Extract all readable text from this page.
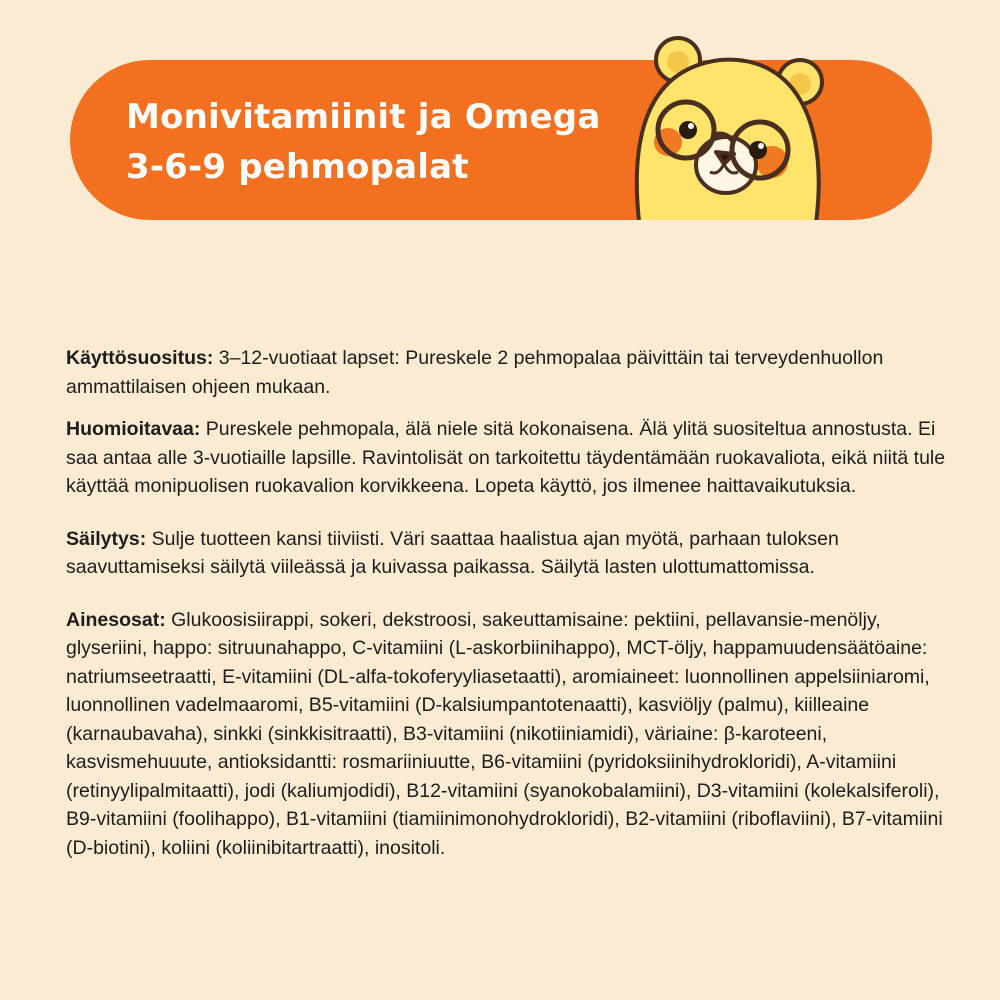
Monivitamiinit ja Omega
3-6-9 pehmopalat

Käyttösuositus: 3–12-vuotiaat lapset: Pureskele 2 pehmopalaa päivittäin tai terveydenhuollon ammattilaisen ohjeen mukaan.

Huomioitavaa: Pureskele pehmopala, älä niele sitä kokonaisena. Älä ylitä suositeltua annostusta. Ei saa antaa alle 3-vuotiaille lapsille. Ravintolisät on tarkoitettu täydentämään ruokavaliota, eikä niitä tule käyttää monipuolisen ruokavalion korvikkeena. Lopeta käyttö, jos ilmenee haittavaikutuksia.

Säilytys: Sulje tuotteen kansi tiiviisti. Väri saattaa haalistua ajan myötä, parhaan tuloksen saavuttamiseksi säilytä viileässä ja kuivassa paikassa. Säilytä lasten ulottumattomissa.

Ainesosat: Glukoosisiirappi, sokeri, dekstroosi, sakeuttamisaine: pektiini, pellavansie-menöljy, glyseriini, happo: sitruunahappo, C-vitamiini (L-askorbiinihappo), MCT-öljy, happamuudensäätöaine: natriumseetraatti, E-vitamiini (DL-alfa-tokoferyyliasetaatti), aromiaineet: luonnollinen appelsiiniaromi, luonnollinen vadelmaaromi, B5-vitamiini (D-kalsiumpantotenaatti), kasviöljy (palmu), kiilleaine (karnaubavaha), sinkki (sinkkisitraatti), B3-vitamiini (nikotiiniamidi), väriaine: β-karoteeni, kasvismehuuute, antioksidantti: rosmariiniuutte, B6-vitamiini (pyridoksiinihydrokloridi), A-vitamiini (retinyylipalmitaatti), jodi (kaliumjodidi), B12-vitamiini (syanokobalamiini), D3-vitamiini (kolekalsiferoli), B9-vitamiini (foolihappo), B1-vitamiini (tiamiinimonohydrokloridi), B2-vitamiini (riboflaviini), B7-vitamiini (D-biotini), koliini (koliinibitartraatti), inositoli.
